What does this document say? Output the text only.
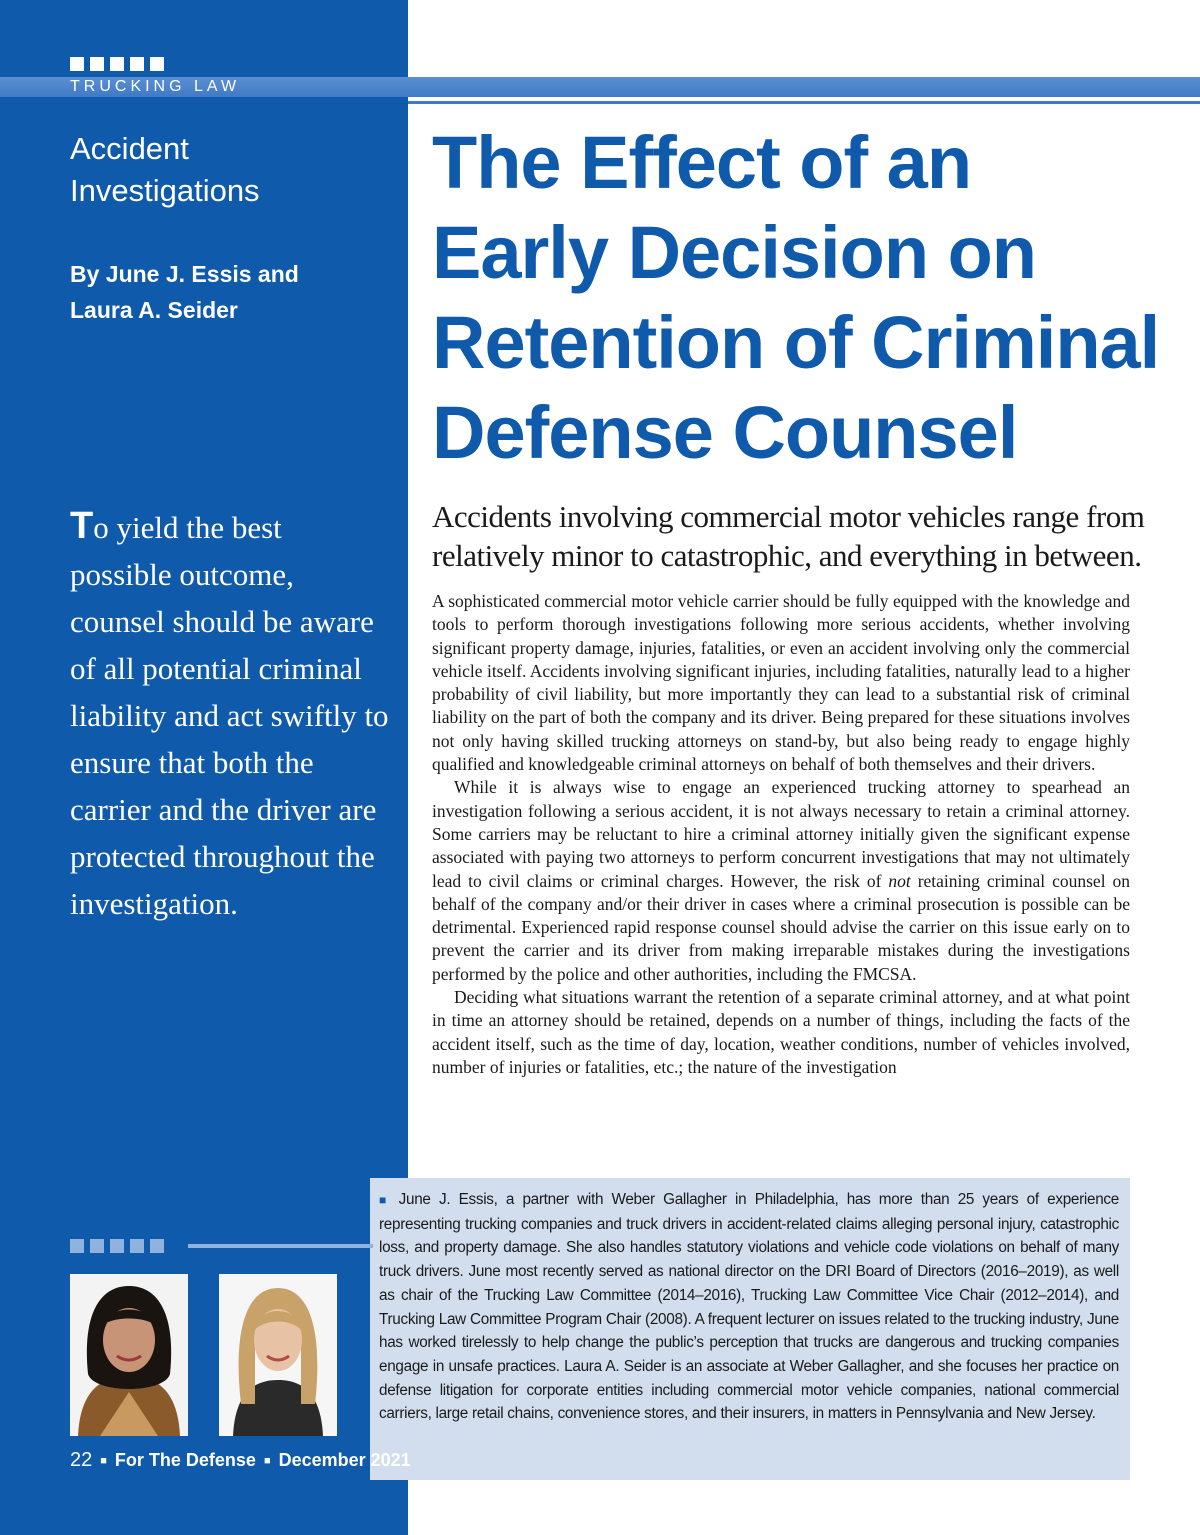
TRUCKING LAW
Accident
Investigations
By June J. Essis and
Laura A. Seider
To yield the best possible outcome, counsel should be aware of all potential criminal liability and act swiftly to ensure that both the carrier and the driver are protected throughout the investigation.
The Effect of an
Early Decision on
Retention of Criminal
Defense Counsel
Accidents involving commercial motor vehicles range from relatively minor to catastrophic, and everything in between.

A sophisticated commercial motor vehicle carrier should be fully equipped with the knowledge and tools to perform thorough investigations following more serious accidents, whether involving significant property damage, injuries, fatalities, or even an accident involving only the commercial vehicle itself. Accidents involving significant injuries, including fatalities, naturally lead to a higher probability of civil liability, but more importantly they can lead to a substantial risk of criminal liability on the part of both the company and its driver. Being prepared for these situations involves not only having skilled trucking attorneys on stand-by, but also being ready to engage highly qualified and knowledgeable criminal attorneys on behalf of both themselves and their drivers.

While it is always wise to engage an experienced trucking attorney to spearhead an investigation following a serious accident, it is not always necessary to retain a criminal attorney. Some carriers may be reluctant to hire a criminal attorney initially given the significant expense associated with paying two attorneys to perform concurrent investigations that may not ultimately lead to civil claims or criminal charges. However, the risk of not retaining criminal counsel on behalf of the company and/or their driver in cases where a criminal prosecution is possible can be detrimental. Experienced rapid response counsel should advise the carrier on this issue early on to prevent the carrier and its driver from making irreparable mistakes during the investigations performed by the police and other authorities, including the FMCSA.

Deciding what situations warrant the retention of a separate criminal attorney, and at what point in time an attorney should be retained, depends on a number of things, including the facts of the accident itself, such as the time of day, location, weather conditions, number of vehicles involved, number of injuries or fatalities, etc.; the nature of the investigation

■ June J. Essis, a partner with Weber Gallagher in Philadelphia, has more than 25 years of experience representing trucking companies and truck drivers in accident-related claims alleging personal injury, catastrophic loss, and property damage. She also handles statutory violations and vehicle code violations on behalf of many truck drivers. June most recently served as national director on the DRI Board of Directors (2016–2019), as well as chair of the Trucking Law Committee (2014–2016), Trucking Law Committee Vice Chair (2012–2014), and Trucking Law Committee Program Chair (2008). A frequent lecturer on issues related to the trucking industry, June has worked tirelessly to help change the public’s perception that trucks are dangerous and trucking companies engage in unsafe practices. Laura A. Seider is an associate at Weber Gallagher, and she focuses her practice on defense litigation for corporate entities including commercial motor vehicle companies, national commercial carriers, large retail chains, convenience stores, and their insurers, in matters in Pennsylvania and New Jersey.
22 ■ For The Defense ■ December 2021
